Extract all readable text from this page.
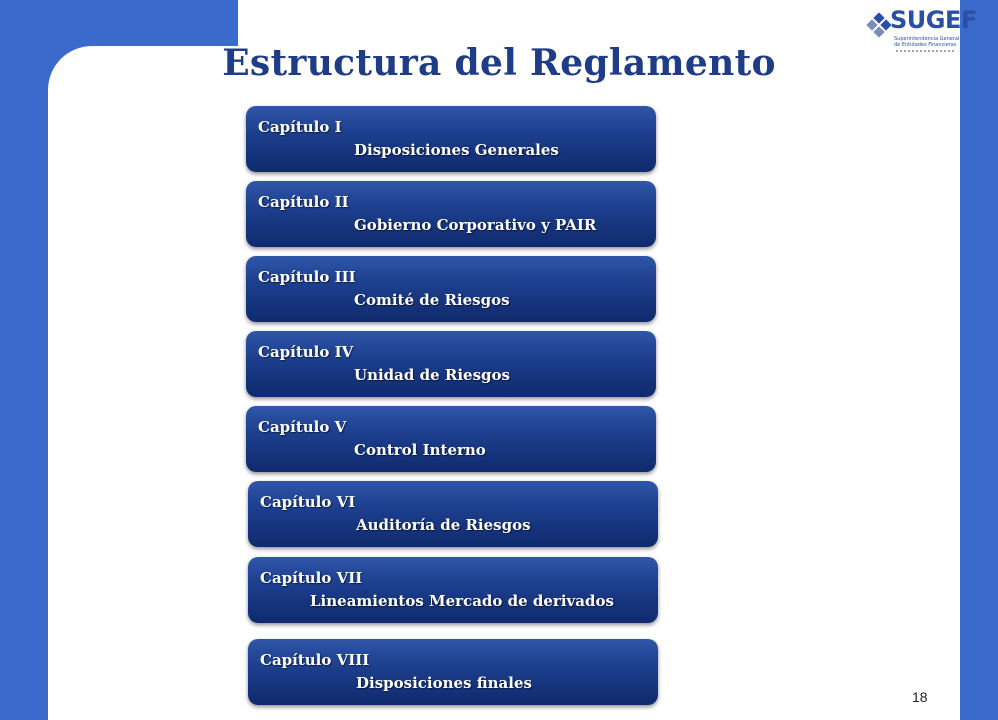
SUGEF
Superintendencia General
de Entidades Financieras
Estructura del Reglamento
Capítulo I
Disposiciones Generales
Capítulo II
Gobierno Corporativo y PAIR
Capítulo III
Comité de Riesgos
Capítulo IV
Unidad de Riesgos
Capítulo V
Control Interno
Capítulo VI
Auditoría de Riesgos
Capítulo VII
Lineamientos Mercado de derivados
Capítulo VIII
Disposiciones finales
18
